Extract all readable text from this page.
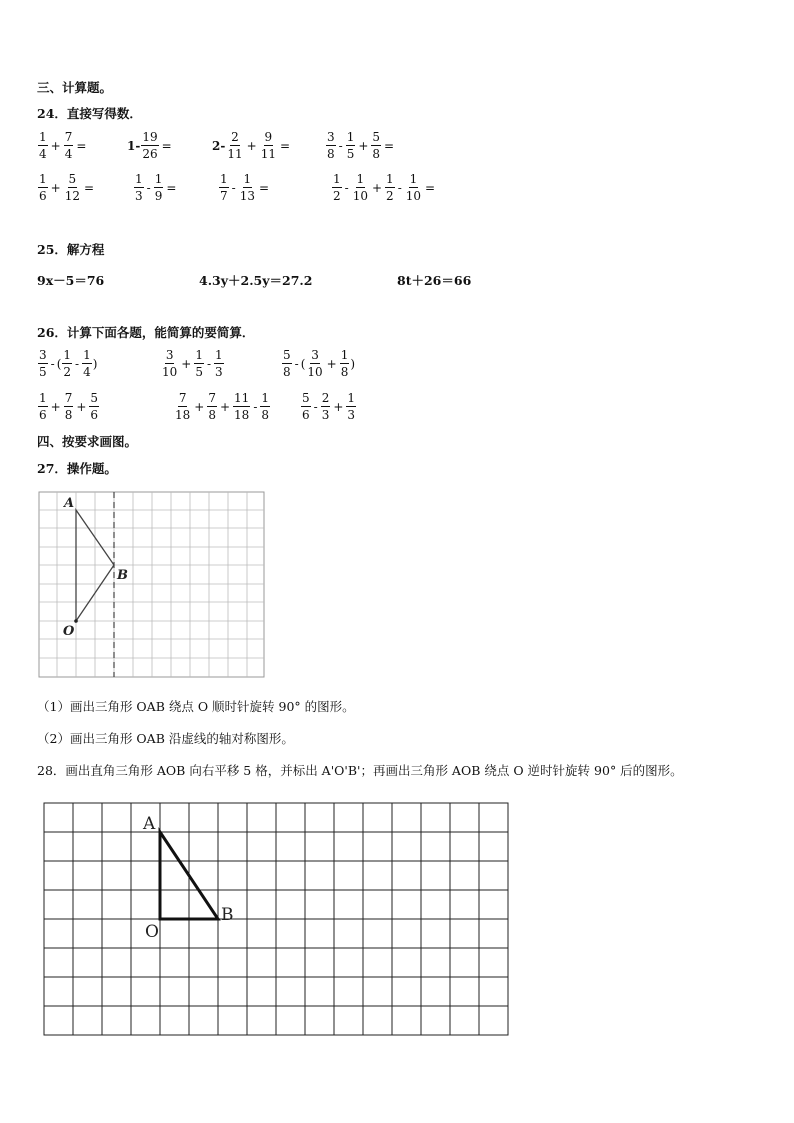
三、计算题。
24．直接写得数．
$\frac{1}{4} + \frac{7}{4}$ =	$1- \frac{19}{26}$ =	$2- \frac{2}{11} + \frac{9}{11}$ =	$\frac{3}{8} - \frac{1}{5} + \frac{5}{8}$ =
$\frac{1}{6} + \frac{5}{12}$ =	$\frac{1}{3} - \frac{1}{9}$ =	$\frac{1}{7} - \frac{1}{13}$ =	$\frac{1}{2} - \frac{1}{10} + \frac{1}{2} - \frac{1}{10}$ =
25．解方程
9x－5＝76	4.3y＋2.5y＝27.2	8t＋26＝66
26．计算下面各题，能简算的要简算．
$\frac{3}{5}$ - ( $\frac{1}{2} - \frac{1}{4}$ )	$\frac{3}{10} + \frac{1}{5} - \frac{1}{3}$	$\frac{5}{8}$ - ( $\frac{3}{10} + \frac{1}{8}$ )
$\frac{1}{6} + \frac{7}{8} + \frac{5}{6}$	$\frac{7}{18} + \frac{7}{8} + \frac{11}{18} - \frac{1}{8}$	$\frac{5}{6} - \frac{2}{3} + \frac{1}{3}$
四、按要求画图。
27．操作题。
A
B
O
（1）画出三角形 OAB 绕点 O 顺时针旋转 90° 的图形。
（2）画出三角形 OAB 沿虚线的轴对称图形。
28．画出直角三角形 AOB 向右平移 5 格，并标出 A'O'B'；再画出三角形 AOB 绕点 O 逆时针旋转 90° 后的图形。
A
B
O
